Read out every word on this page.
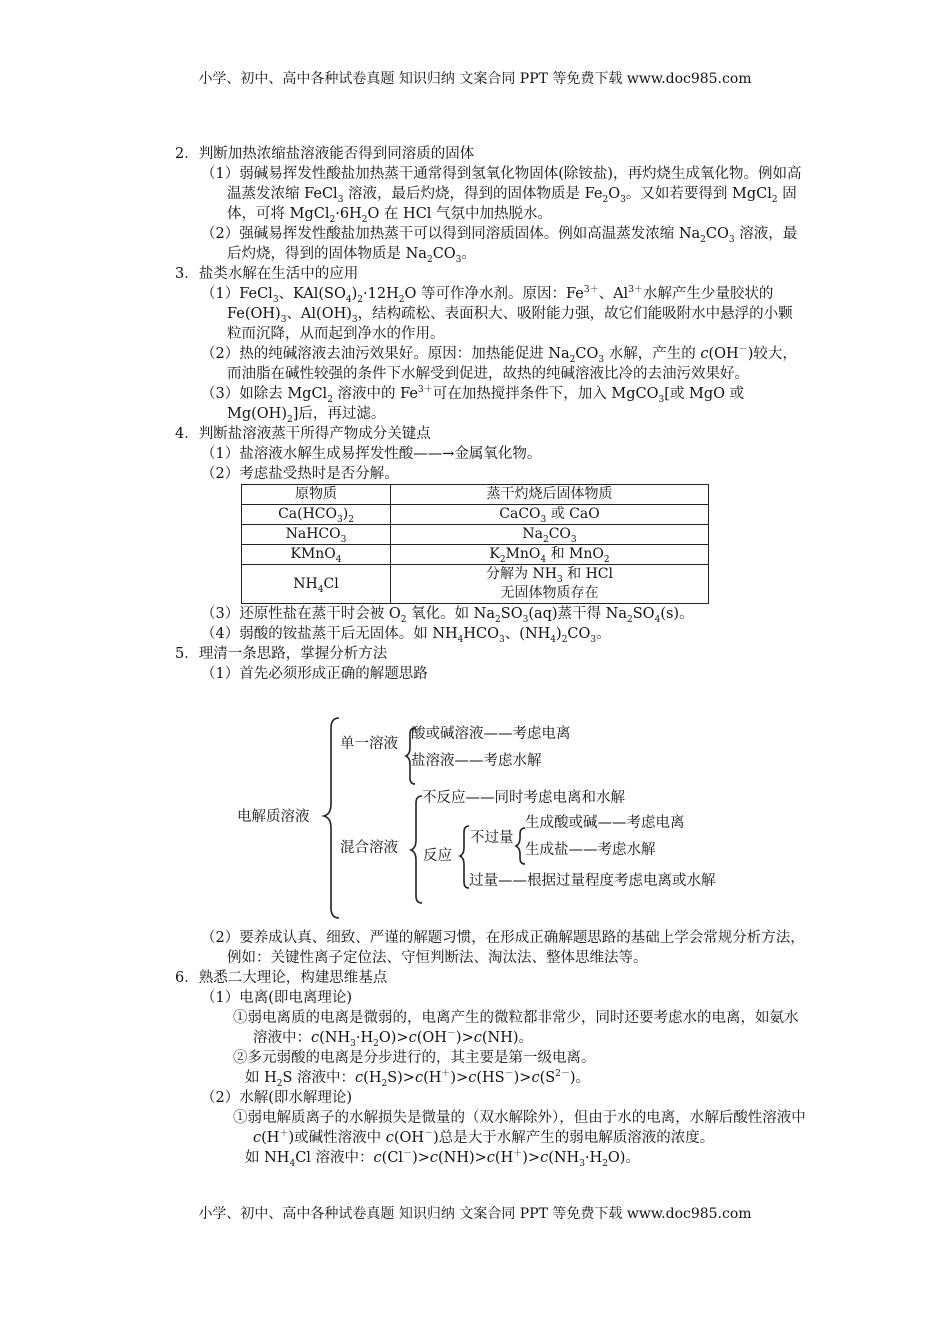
小学、初中、高中各种试卷真题 知识归纳 文案合同 PPT 等免费下载 www.doc985.com

2．判断加热浓缩盐溶液能否得到同溶质的固体

（1）弱碱易挥发性酸盐加热蒸干通常得到氢氧化物固体(除铵盐)，再灼烧生成氧化物。例如高温蒸发浓缩 FeCl$_3$ 溶液，最后灼烧，得到的固体物质是 $Fe_2O_3$。又如若要得到 MgCl$_2$ 固体，可将 $MgCl_2\cdot 6H_2O$ 在 HCl 气氛中加热脱水。

（2）强碱易挥发性酸盐加热蒸干可以得到同溶质固体。例如高温蒸发浓缩 $Na_2CO_3$ 溶液，最后灼烧，得到的固体物质是 $Na_2CO_3$。

3．盐类水解在生活中的应用

（1）FeCl$_3$、$KAl(SO_4)_2\cdot 12H_2O$ 等可作净水剂。原因：$Fe^{3+}$、$Al^{3+}$水解产生少量胶状的 $Fe(OH)_3$、$Al(OH)_3$，结构疏松、表面积大、吸附能力强，故它们能吸附水中悬浮的小颗粒而沉降，从而起到净水的作用。

（2）热的纯碱溶液去油污效果好。原因：加热能促进 $Na_2CO_3$ 水解，产生的 c(OH－)较大，而油脂在碱性较强的条件下水解受到促进，故热的纯碱溶液比冷的去油污效果好。

（3）如除去 MgCl$_2$ 溶液中的 $Fe^{3+}$可在加热搅拌条件下，加入 MgCO$_3$[或 MgO 或 $Mg(OH)_2$]后，再过滤。

4．判断盐溶液蒸干所得产物成分关键点

（1）盐溶液水解生成易挥发性酸——→金属氧化物。

（2）考虑盐受热时是否分解。

原物质	蒸干灼烧后固体物质
$Ca(HCO_3)_2$	CaCO$_3$ 或 CaO
NaHCO$_3$	$Na_2CO_3$
KMnO$_4$	$K_2MnO_4$ 和 MnO$_2$
$NH_4Cl$	分解为 $NH_3$ 和 HCl
无固体物质存在

（3）还原性盐在蒸干时会被 $O_2$ 氧化。如 $Na_2SO_3(aq)$蒸干得 $Na_2SO_4(s)$。

（4）弱酸的铵盐蒸干后无固体。如 $NH_4HCO_3$、$(NH_4)_2CO_3$。

5．理清一条思路，掌握分析方法

（1）首先必须形成正确的解题思路

电解质溶液
单一溶液
酸或碱溶液——考虑电离
盐溶液——考虑水解
混合溶液
不反应——同时考虑电离和水解
反应
不过量
生成酸或碱——考虑电离
生成盐——考虑水解
过量——根据过量程度考虑电离或水解

（2）要养成认真、细致、严谨的解题习惯，在形成正确解题思路的基础上学会常规分析方法，例如：关键性离子定位法、守恒判断法、淘汰法、整体思维法等。

6．熟悉二大理论，构建思维基点

（1）电离(即电离理论)

①弱电离质的电离是微弱的，电离产生的微粒都非常少，同时还要考虑水的电离，如氨水溶液中：$c(NH_3\cdot H_2O)>c(OH^-)>c(NH)$。

②多元弱酸的电离是分步进行的，其主要是第一级电离。

如 $H_2S$ 溶液中：$c(H_2S)>c(H^+)>c(HS^-)>c(S^{2-})$。

（2）水解(即水解理论)

①弱电解质离子的水解损失是微量的（双水解除外），但由于水的电离，水解后酸性溶液中 c(H＋)或碱性溶液中 c(OH－)总是大于水解产生的弱电解质溶液的浓度。

如 $NH_4Cl$ 溶液中：$c(Cl^-)>c(NH)>c(H^+)>c(NH_3\cdot H_2O)$。

小学、初中、高中各种试卷真题 知识归纳 文案合同 PPT 等免费下载 www.doc985.com
